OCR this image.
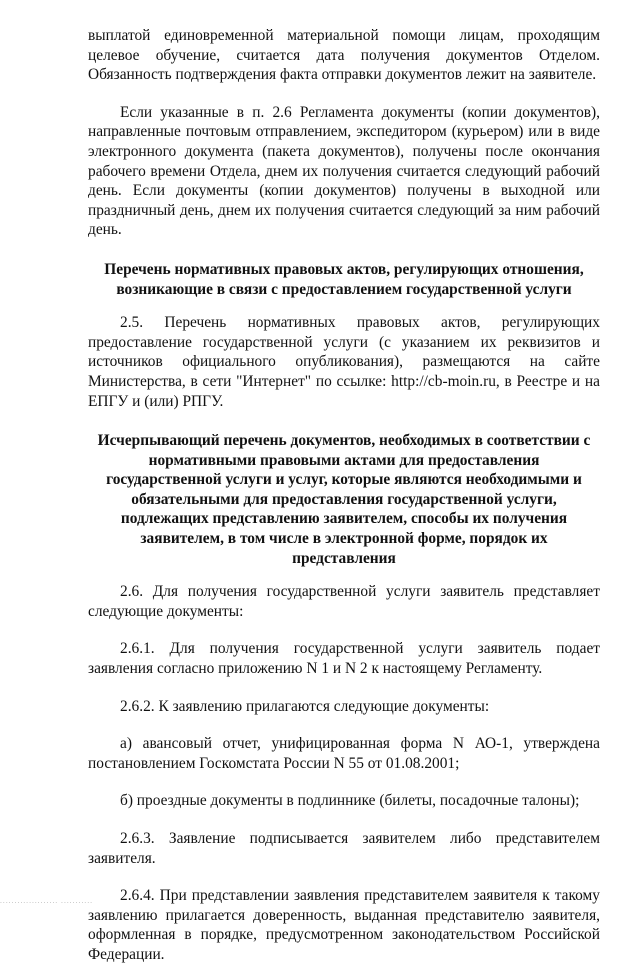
выплатой единовременной материальной помощи лицам, проходящим целевое обучение, считается дата получения документов Отделом. Обязанность подтверждения факта отправки документов лежит на заявителе.

Если указанные в п. 2.6 Регламента документы (копии документов), направленные почтовым отправлением, экспедитором (курьером) или в виде электронного документа (пакета документов), получены после окончания рабочего времени Отдела, днем их получения считается следующий рабочий день. Если документы (копии документов) получены в выходной или праздничный день, днем их получения считается следующий за ним рабочий день.

Перечень нормативных правовых актов, регулирующих отношения, возникающие в связи с предоставлением государственной услуги

2.5. Перечень нормативных правовых актов, регулирующих предоставление государственной услуги (с указанием их реквизитов и источников официального опубликования), размещаются на сайте Министерства, в сети "Интернет" по ссылке: http://cb-moin.ru, в Реестре и на ЕПГУ и (или) РПГУ.

Исчерпывающий перечень документов, необходимых в соответствии с нормативными правовыми актами для предоставления государственной услуги и услуг, которые являются необходимыми и обязательными для предоставления государственной услуги, подлежащих представлению заявителем, способы их получения заявителем, в том числе в электронной форме, порядок их представления

2.6. Для получения государственной услуги заявитель представляет следующие документы:

2.6.1. Для получения государственной услуги заявитель подает заявления согласно приложению N 1 и N 2 к настоящему Регламенту.

2.6.2. К заявлению прилагаются следующие документы:

а) авансовый отчет, унифицированная форма N АО-1, утверждена постановлением Госкомстата России N 55 от 01.08.2001;

б) проездные документы в подлиннике (билеты, посадочные талоны);

2.6.3. Заявление подписывается заявителем либо представителем заявителя.

2.6.4. При представлении заявления представителем заявителя к такому заявлению прилагается доверенность, выданная представителю заявителя, оформленная в порядке, предусмотренном законодательством Российской Федерации.

.................... ...........
